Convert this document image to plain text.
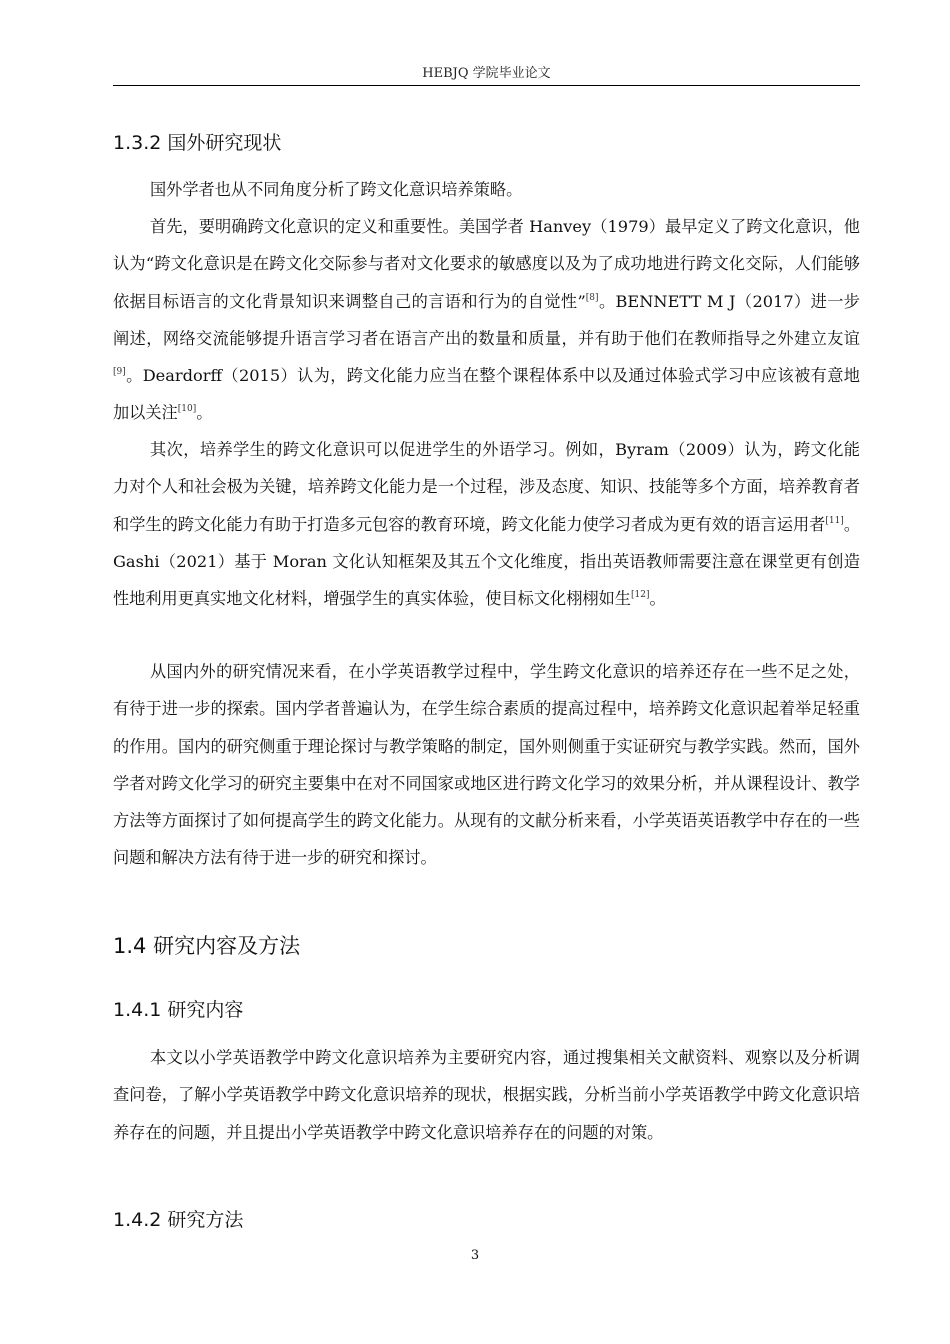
HEBJQ 学院毕业论文
1.3.2 国外研究现状

国外学者也从不同角度分析了跨文化意识培养策略。

首先，要明确跨文化意识的定义和重要性。美国学者 Hanvey（1979）最早定义了跨文化意识，他认为“跨文化意识是在跨文化交际参与者对文化要求的敏感度以及为了成功地进行跨文化交际，人们能够依据目标语言的文化背景知识来调整自己的言语和行为的自觉性”[8]。BENNETT M J（2017）进一步阐述，网络交流能够提升语言学习者在语言产出的数量和质量，并有助于他们在教师指导之外建立友谊[9]。Deardorff（2015）认为，跨文化能力应当在整个课程体系中以及通过体验式学习中应该被有意地加以关注[10]。

其次，培养学生的跨文化意识可以促进学生的外语学习。例如，Byram（2009）认为，跨文化能力对个人和社会极为关键，培养跨文化能力是一个过程，涉及态度、知识、技能等多个方面，培养教育者和学生的跨文化能力有助于打造多元包容的教育环境，跨文化能力使学习者成为更有效的语言运用者[11]。Gashi（2021）基于 Moran 文化认知框架及其五个文化维度，指出英语教师需要注意在课堂更有创造性地利用更真实地文化材料，增强学生的真实体验，使目标文化栩栩如生[12]。

从国内外的研究情况来看，在小学英语教学过程中，学生跨文化意识的培养还存在一些不足之处，有待于进一步的探索。国内学者普遍认为，在学生综合素质的提高过程中，培养跨文化意识起着举足轻重的作用。国内的研究侧重于理论探讨与教学策略的制定，国外则侧重于实证研究与教学实践。然而，国外学者对跨文化学习的研究主要集中在对不同国家或地区进行跨文化学习的效果分析，并从课程设计、教学方法等方面探讨了如何提高学生的跨文化能力。从现有的文献分析来看，小学英语英语教学中存在的一些问题和解决方法有待于进一步的研究和探讨。

1.4 研究内容及方法
1.4.1 研究内容

本文以小学英语教学中跨文化意识培养为主要研究内容，通过搜集相关文献资料、观察以及分析调查问卷，了解小学英语教学中跨文化意识培养的现状，根据实践，分析当前小学英语教学中跨文化意识培养存在的问题，并且提出小学英语教学中跨文化意识培养存在的问题的对策。

1.4.2 研究方法
3
